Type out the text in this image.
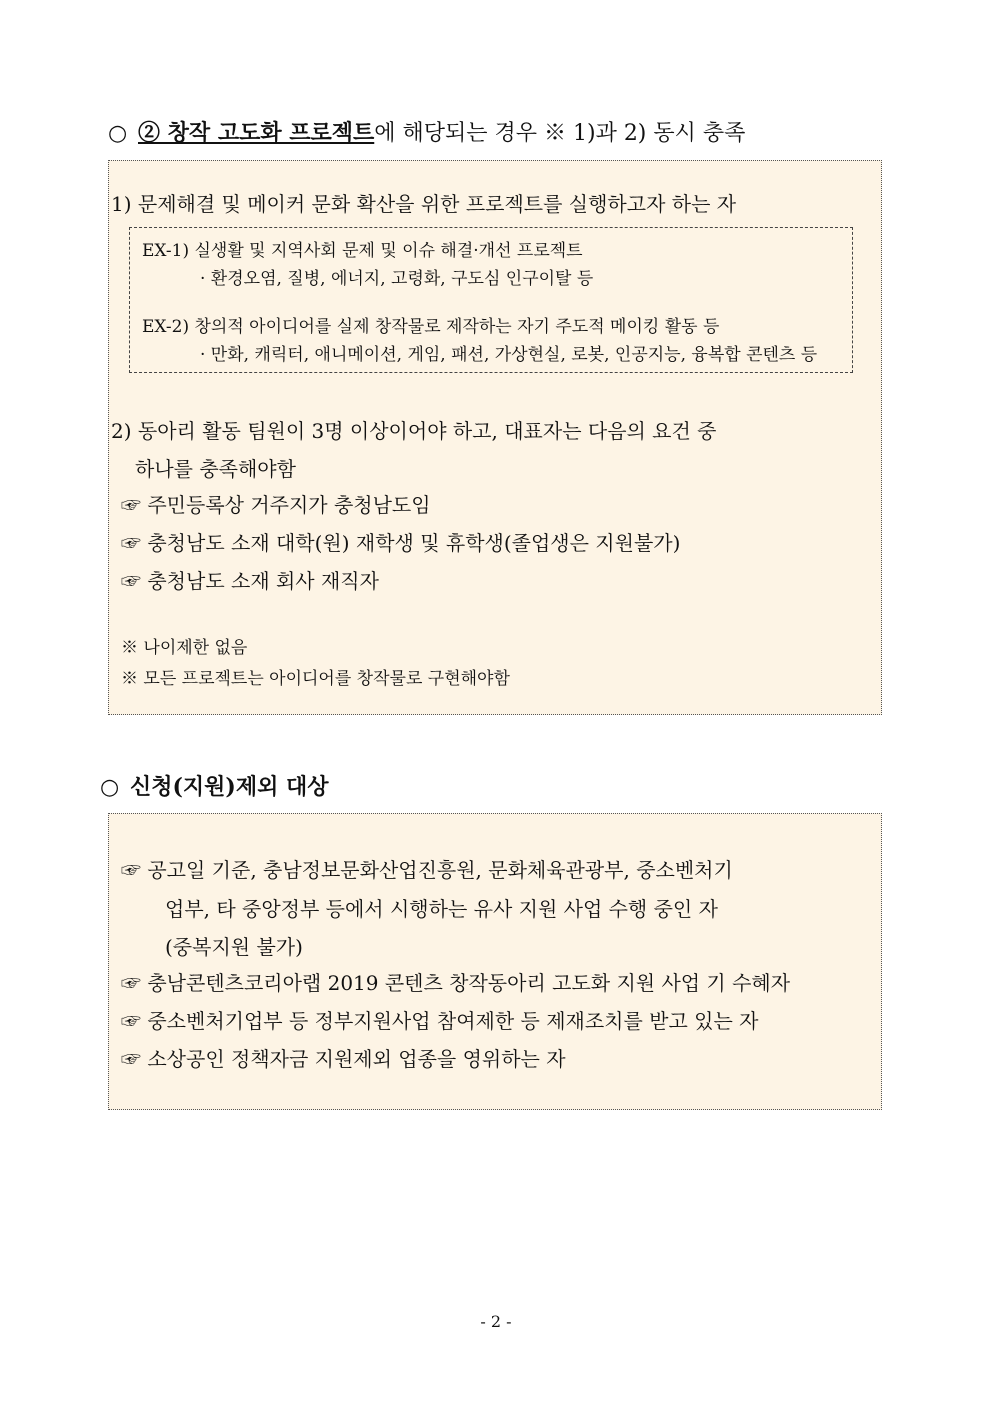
○ ② 창작 고도화 프로젝트에 해당되는 경우 ※ 1)과 2) 동시 충족
1) 문제해결 및 메이커 문화 확산을 위한 프로젝트를 실행하고자 하는 자
EX-1) 실생활 및 지역사회 문제 및 이슈 해결·개선 프로젝트
· 환경오염, 질병, 에너지, 고령화, 구도심 인구이탈 등
EX-2) 창의적 아이디어를 실제 창작물로 제작하는 자기 주도적 메이킹 활동 등
· 만화, 캐릭터, 애니메이션, 게임, 패션, 가상현실, 로봇, 인공지능, 융복합 콘텐츠 등
2) 동아리 활동 팀원이 3명 이상이어야 하고, 대표자는 다음의 요건 중
하나를 충족해야함
☞ 주민등록상 거주지가 충청남도임
☞ 충청남도 소재 대학(원) 재학생 및 휴학생(졸업생은 지원불가)
☞ 충청남도 소재 회사 재직자
※ 나이제한 없음
※ 모든 프로젝트는 아이디어를 창작물로 구현해야함
○ 신청(지원)제외 대상
☞ 공고일 기준, 충남정보문화산업진흥원, 문화체육관광부, 중소벤처기
업부, 타 중앙정부 등에서 시행하는 유사 지원 사업 수행 중인 자
(중복지원 불가)
☞ 충남콘텐츠코리아랩 2019 콘텐츠 창작동아리 고도화 지원 사업 기 수혜자
☞ 중소벤처기업부 등 정부지원사업 참여제한 등 제재조치를 받고 있는 자
☞ 소상공인 정책자금 지원제외 업종을 영위하는 자
- 2 -
